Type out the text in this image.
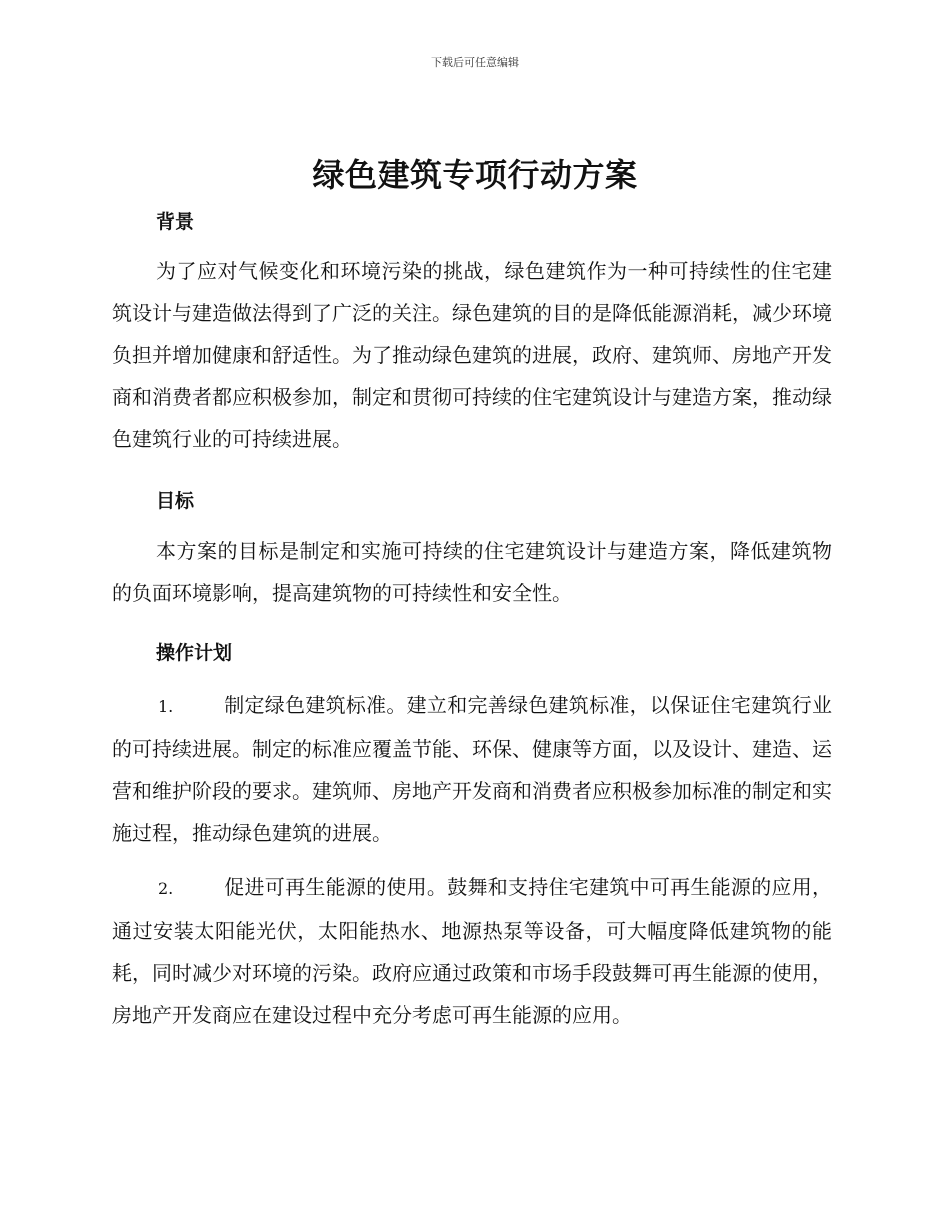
下载后可任意编辑
绿色建筑专项行动方案
背景

为了应对气候变化和环境污染的挑战，绿色建筑作为一种可持续性的住宅建筑设计与建造做法得到了广泛的关注。绿色建筑的目的是降低能源消耗，减少环境负担并增加健康和舒适性。为了推动绿色建筑的进展，政府、建筑师、房地产开发商和消费者都应积极参加，制定和贯彻可持续的住宅建筑设计与建造方案，推动绿色建筑行业的可持续进展。

目标

本方案的目标是制定和实施可持续的住宅建筑设计与建造方案，降低建筑物的负面环境影响，提高建筑物的可持续性和安全性。

操作计划

1.	制定绿色建筑标准。建立和完善绿色建筑标准，以保证住宅建筑行业的可持续进展。制定的标准应覆盖节能、环保、健康等方面，以及设计、建造、运营和维护阶段的要求。建筑师、房地产开发商和消费者应积极参加标准的制定和实施过程，推动绿色建筑的进展。

2.	促进可再生能源的使用。鼓舞和支持住宅建筑中可再生能源的应用，通过安装太阳能光伏，太阳能热水、地源热泵等设备，可大幅度降低建筑物的能耗，同时减少对环境的污染。政府应通过政策和市场手段鼓舞可再生能源的使用，房地产开发商应在建设过程中充分考虑可再生能源的应用。
